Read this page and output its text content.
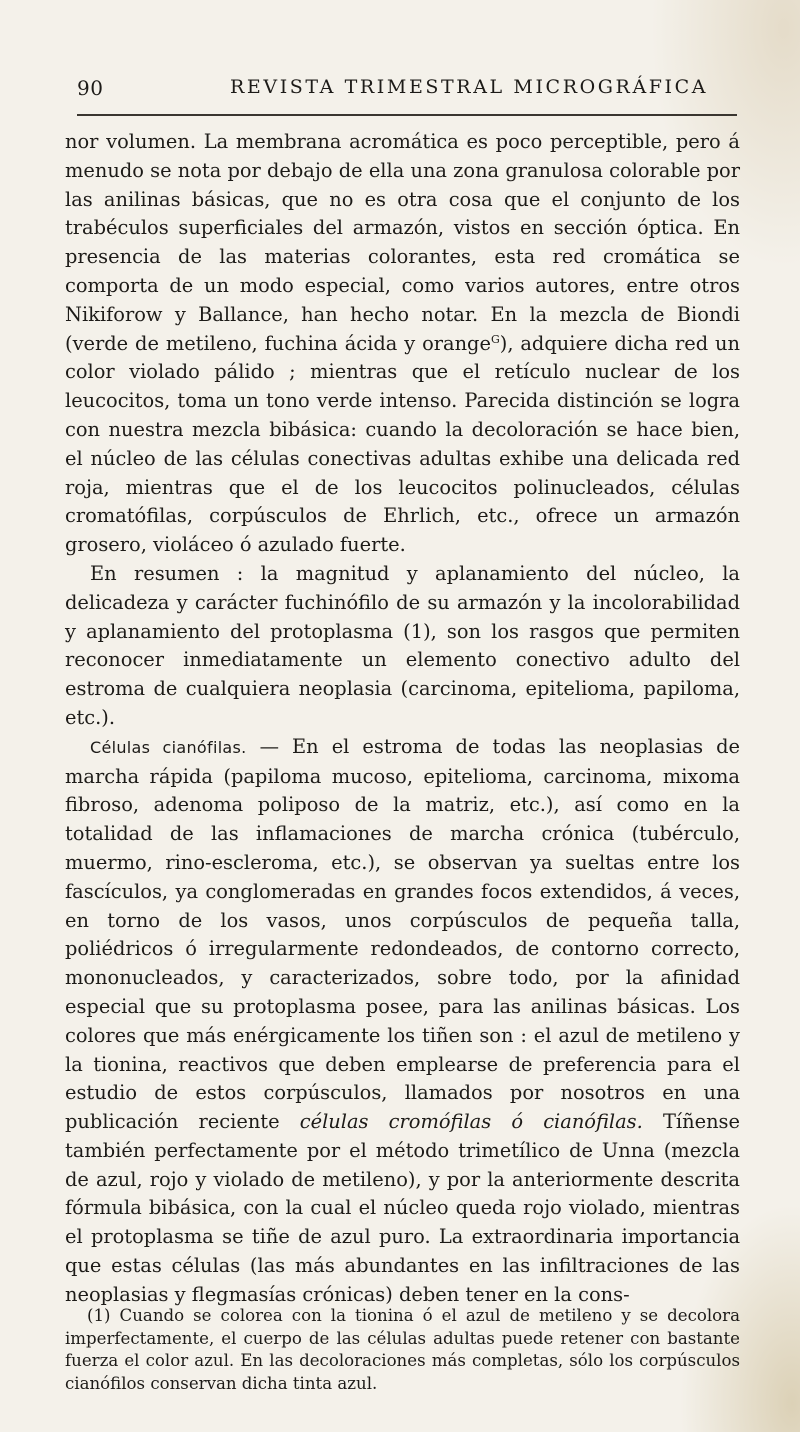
90	REVISTA TRIMESTRAL MICROGRÁFICA

nor volumen. La membrana acromática es poco perceptible, pero á menudo se nota por debajo de ella una zona granulosa colorable por las anilinas básicas, que no es otra cosa que el conjunto de los trabéculos superficiales del armazón, vistos en sección óptica. En presencia de las materias colorantes, esta red cromática se comporta de un modo especial, como varios autores, entre otros Nikiforow y Ballance, han hecho notar. En la mezcla de Biondi (verde de metileno, fuchina ácida y orange$^G$), adquiere dicha red un color violado pálido ; mientras que el retículo nuclear de los leucocitos, toma un tono verde intenso. Parecida distinción se logra con nuestra mezcla bibásica: cuando la decoloración se hace bien, el núcleo de las células conectivas adultas exhibe una delicada red roja, mientras que el de los leucocitos polinucleados, células cromatófilas, corpúsculos de Ehrlich, etc., ofrece un armazón grosero, violáceo ó azulado fuerte.

En resumen : la magnitud y aplanamiento del núcleo, la delicadeza y carácter fuchinófilo de su armazón y la incolorabilidad y aplanamiento del protoplasma (1), son los rasgos que permiten reconocer inmediatamente un elemento conectivo adulto del estroma de cualquiera neoplasia (carcinoma, epitelioma, papiloma, etc.).

Células cianófilas. — En el estroma de todas las neoplasias de marcha rápida (papiloma mucoso, epitelioma, carcinoma, mixoma fibroso, adenoma poliposo de la matriz, etc.), así como en la totalidad de las inflamaciones de marcha crónica (tubérculo, muermo, rino-escleroma, etc.), se observan ya sueltas entre los fascículos, ya conglomeradas en grandes focos extendidos, á veces, en torno de los vasos, unos corpúsculos de pequeña talla, poliédricos ó irregularmente redondeados, de contorno correcto, mononucleados, y caracterizados, sobre todo, por la afinidad especial que su protoplasma posee, para las anilinas básicas. Los colores que más enérgicamente los tiñen son : el azul de metileno y la tionina, reactivos que deben emplearse de preferencia para el estudio de estos corpúsculos, llamados por nosotros en una publicación reciente células cromófilas ó cianófilas. Tíñense también perfectamente por el método trimetílico de Unna (mezcla de azul, rojo y violado de metileno), y por la anteriormente descrita fórmula bibásica, con la cual el núcleo queda rojo violado, mientras el protoplasma se tiñe de azul puro. La extraordinaria importancia que estas células (las más abundantes en las infiltraciones de las neoplasias y flegmasías crónicas) deben tener en la cons-

(1) Cuando se colorea con la tionina ó el azul de metileno y se decolora imperfectamente, el cuerpo de las células adultas puede retener con bastante fuerza el color azul. En las decoloraciones más completas, sólo los corpúsculos cianófilos conservan dicha tinta azul.
